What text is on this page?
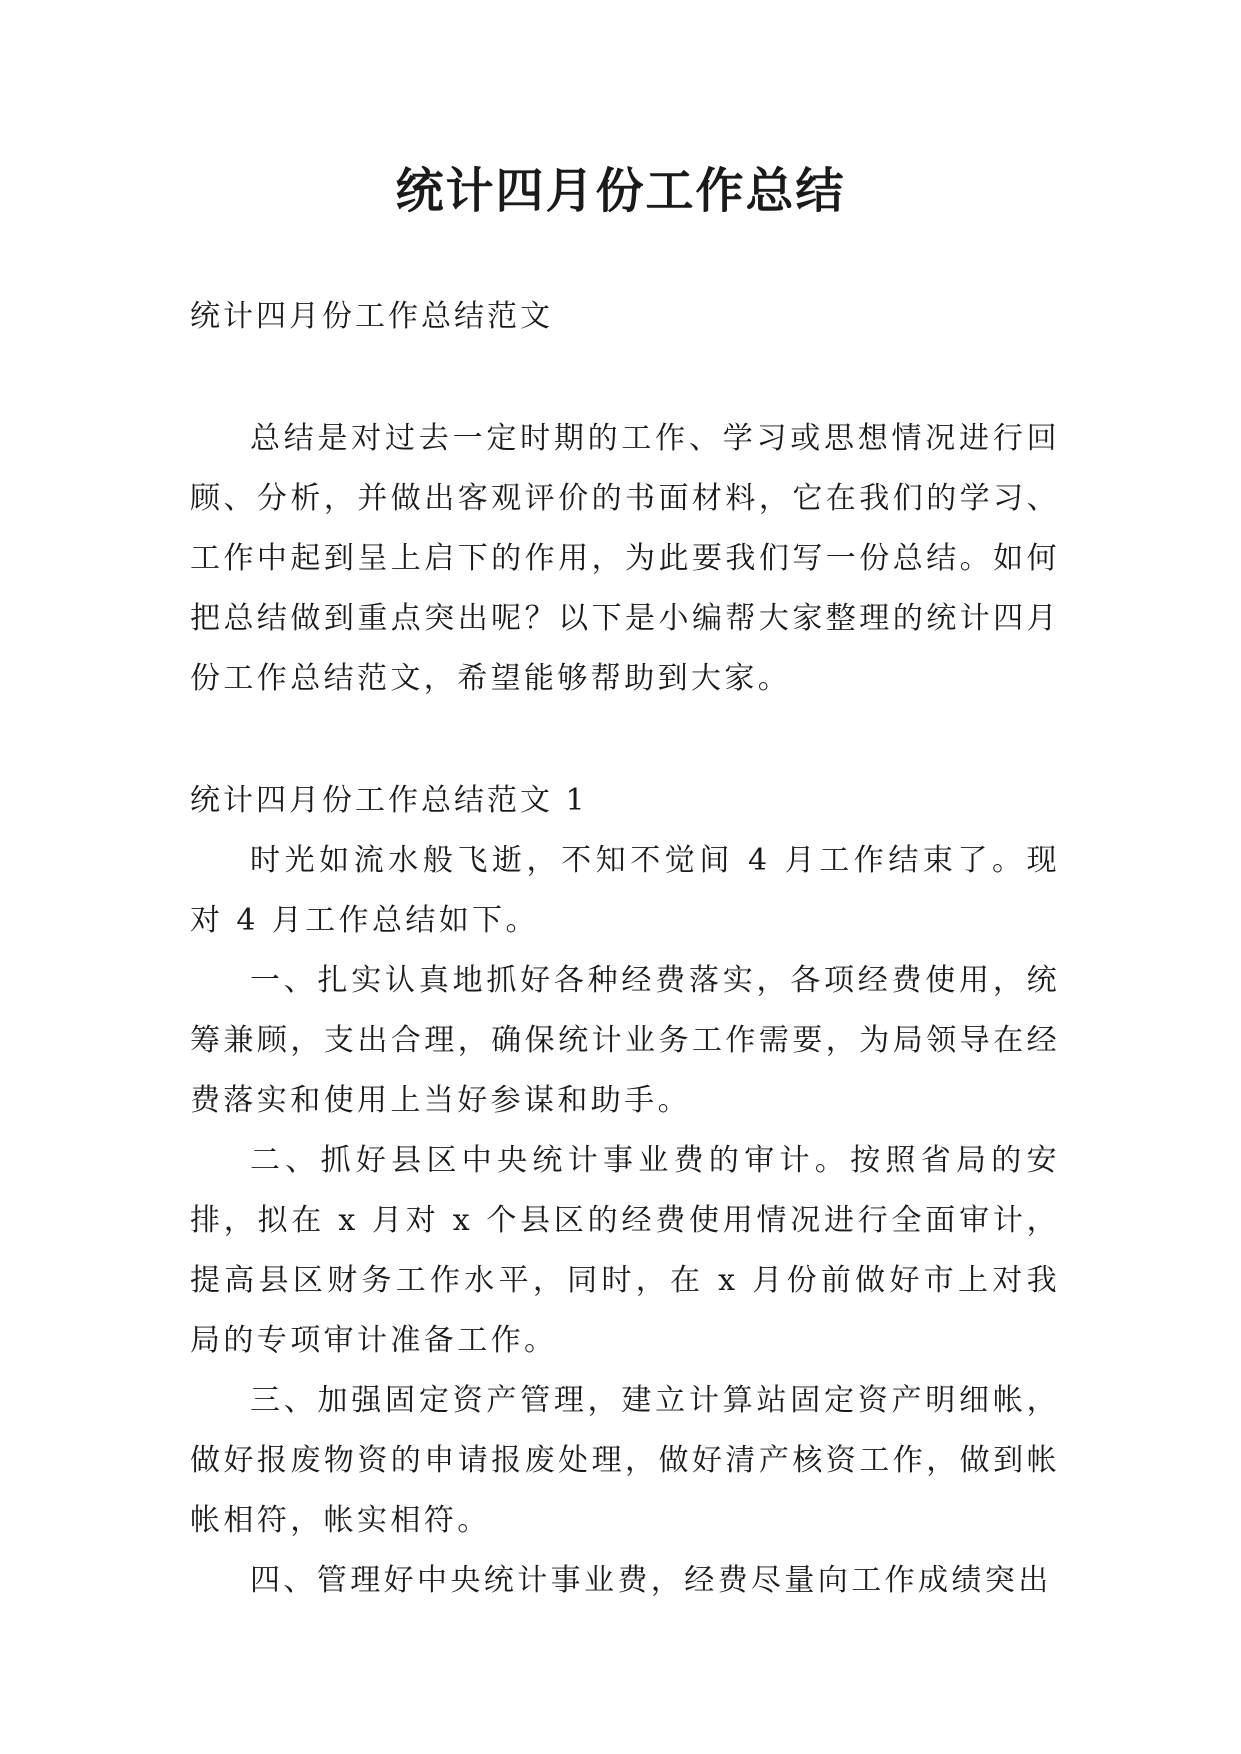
统计四月份工作总结

统计四月份工作总结范文

总结是对过去一定时期的工作、学习或思想情况进行回顾、分析，并做出客观评价的书面材料，它在我们的学习、工作中起到呈上启下的作用，为此要我们写一份总结。如何把总结做到重点突出呢？以下是小编帮大家整理的统计四月份工作总结范文，希望能够帮助到大家。

统计四月份工作总结范文 1

时光如流水般飞逝，不知不觉间 4 月工作结束了。现对 4 月工作总结如下。

一、扎实认真地抓好各种经费落实，各项经费使用，统筹兼顾，支出合理，确保统计业务工作需要，为局领导在经费落实和使用上当好参谋和助手。

二、抓好县区中央统计事业费的审计。按照省局的安排，拟在 x 月对 x 个县区的经费使用情况进行全面审计，提高县区财务工作水平，同时，在 x 月份前做好市上对我局的专项审计准备工作。

三、加强固定资产管理，建立计算站固定资产明细帐，做好报废物资的申请报废处理，做好清产核资工作，做到帐帐相符，帐实相符。

四、管理好中央统计事业费，经费尽量向工作成绩突出
